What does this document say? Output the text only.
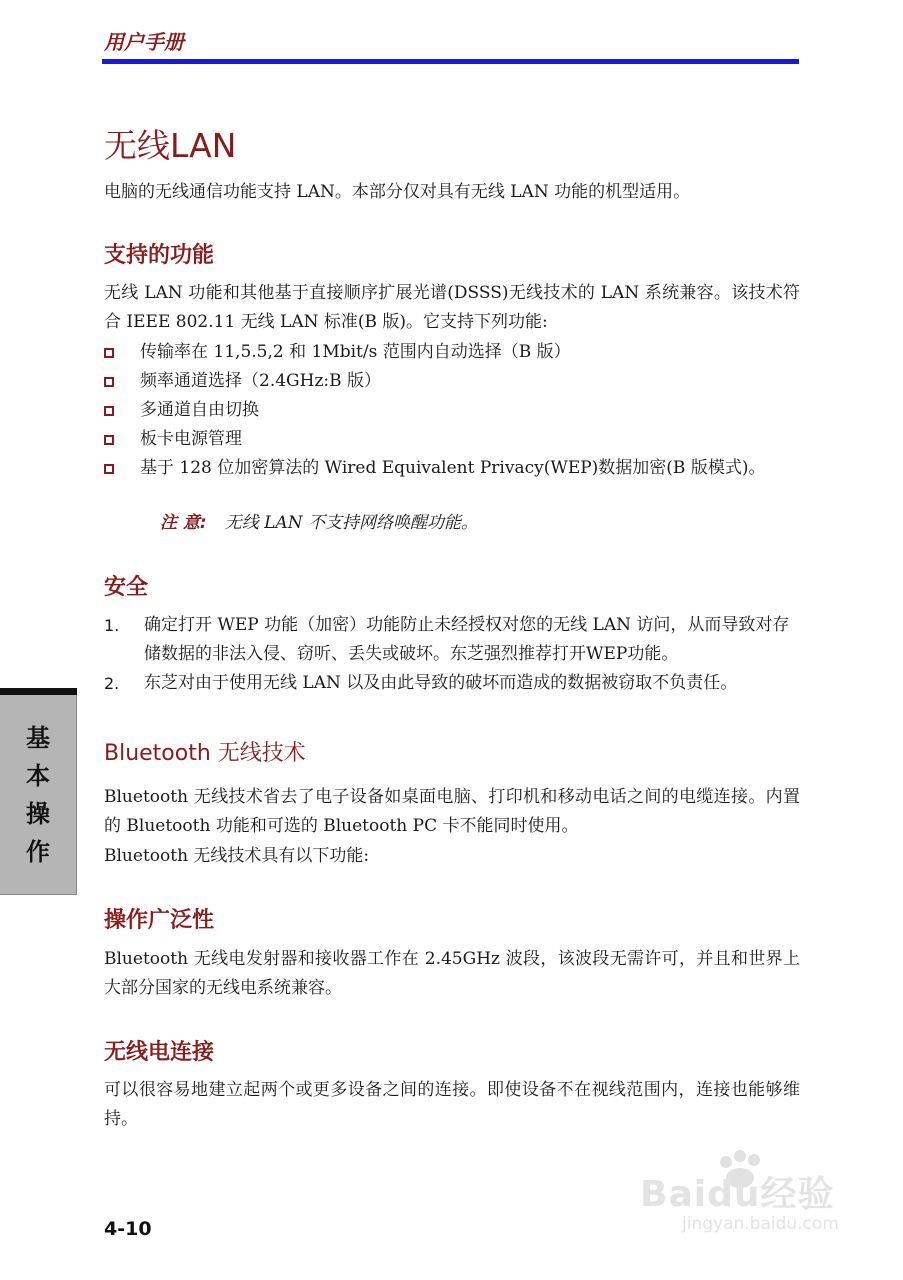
用户手册
无线LAN
电脑的无线通信功能支持 LAN。本部分仅对具有无线 LAN 功能的机型适用。
支持的功能
无线 LAN 功能和其他基于直接顺序扩展光谱(DSSS)无线技术的 LAN 系统兼容。该技术符合 IEEE 802.11 无线 LAN 标准(B 版)。它支持下列功能:
传输率在 11,5.5,2 和 1Mbit/s 范围内自动选择（B 版）
频率通道选择（2.4GHz:B 版）
多通道自由切换
板卡电源管理
基于 128 位加密算法的 Wired Equivalent Privacy(WEP)数据加密(B 版模式)。
注 意: 无线 LAN 不支持网络唤醒功能。
安全
1.	确定打开 WEP 功能（加密）功能防止未经授权对您的无线 LAN 访问，从而导致对存储数据的非法入侵、窃听、丢失或破坏。东芝强烈推荐打开WEP功能。
2.	东芝对由于使用无线 LAN 以及由此导致的破坏而造成的数据被窃取不负责任。
基
本
操
作
Bluetooth 无线技术
Bluetooth 无线技术省去了电子设备如桌面电脑、打印机和移动电话之间的电缆连接。内置的 Bluetooth 功能和可选的 Bluetooth PC 卡不能同时使用。
Bluetooth 无线技术具有以下功能:
操作广泛性
Bluetooth 无线电发射器和接收器工作在 2.45GHz 波段，该波段无需许可，并且和世界上大部分国家的无线电系统兼容。
无线电连接
可以很容易地建立起两个或更多设备之间的连接。即使设备不在视线范围内，连接也能够维持。
4-10
Baidu经验
jingyan.baidu.com
